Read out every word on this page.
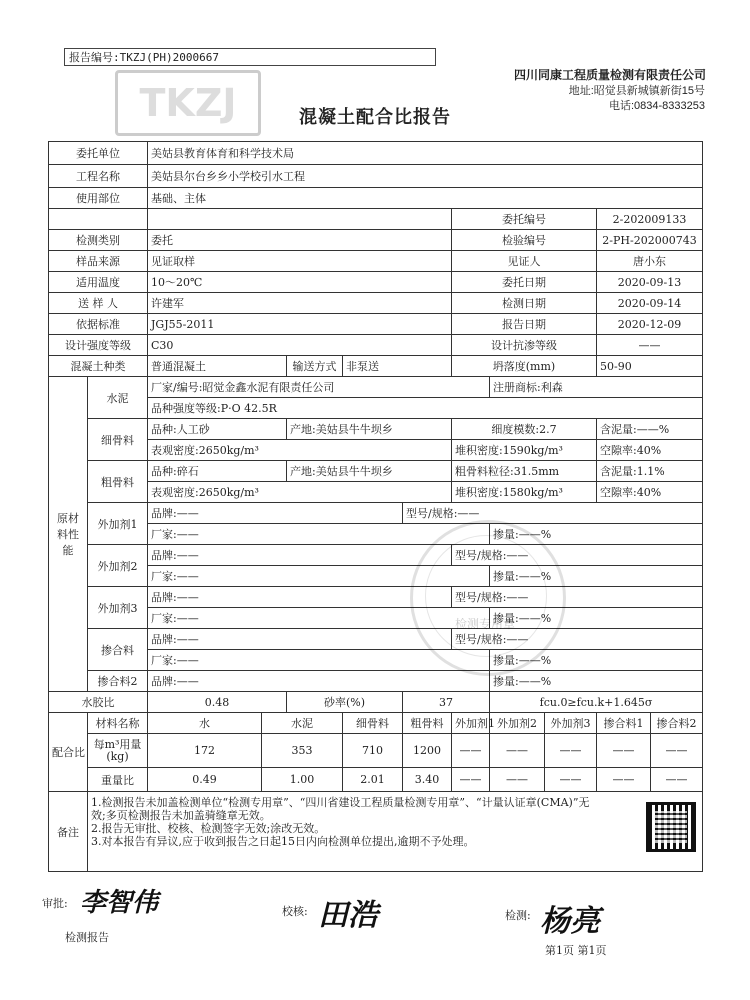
TKZJ
报告编号:TKZJ(PH)2000667
四川同康工程质量检测有限责任公司
地址:昭觉县新城镇新街15号
电话:0834-8333253
混凝土配合比报告
委托单位		美姑县教育体育和科学技术局									
工程名称		美姑县尔台乡乡小学校引水工程									
使用部位		基础、主体									
							委托编号			2-202009133	
检测类别		委托					检验编号			2-PH-202000743	
样品来源		见证取样					见证人			唐小东	
适用温度		10～20℃					委托日期			2020-09-13	
送 样 人		许建军					检测日期			2020-09-14	
依据标准		JGJ55-2011					报告日期			2020-12-09	
设计强度等级		C30					设计抗渗等级			——	
混凝土种类		普通混凝土		输送方式	非泵送		坍落度(mm)			50-90	
原材料性能	水泥	厂家/编号:昭觉金鑫水泥有限责任公司						注册商标:利森			
		品种强度等级:P·O 42.5R									
	细骨料	品种:人工砂		产地:美姑县牛牛坝乡			细度模数:2.7			含泥量:——%	
		表观密度:2650kg/m³					堆积密度:1590kg/m³			空隙率:40%	
	粗骨料	品种:碎石		产地:美姑县牛牛坝乡			粗骨料粒径:31.5mm			含泥量:1.1%	
		表观密度:2650kg/m³					堆积密度:1580kg/m³			空隙率:40%	
	外加剂1	品牌:——				型号/规格:——					
		厂家:——						掺量:——%			
	外加剂2	品牌:——					型号/规格:——				
		厂家:——						掺量:——%			
	外加剂3	品牌:——					型号/规格:——				
		厂家:——						掺量:——%			
	掺合料	品牌:——					型号/规格:——				
		厂家:——						掺量:——%			
	掺合料2	品牌:——						掺量:——%			
水胶比		0.48		砂率(%)		37		fcu.0≥fcu.k+1.645σ			
配合比	材料名称	水	水泥		细骨料	粗骨料	外加剂1	外加剂2	外加剂3	掺合料1	掺合料2
	每m³用量(kg)	172	353		710	1200	——	——	——	——	——
	重量比	0.49	1.00		2.01	3.40	——	——	——	——	——
备注	1.检测报告未加盖检测单位“检测专用章”、“四川省建设工程质量检测专用章”、“计量认证章(CMA)”无效;多页检测报告未加盖骑缝章无效。
2.报告无审批、校核、检测签字无效;涂改无效。
3.对本报告有异议,应于收到报告之日起15日内向检测单位提出,逾期不予处理。										
检测专用章
审批: 李智伟
检测报告
校核: 田浩	检测: 杨亮
第1页 第1页
